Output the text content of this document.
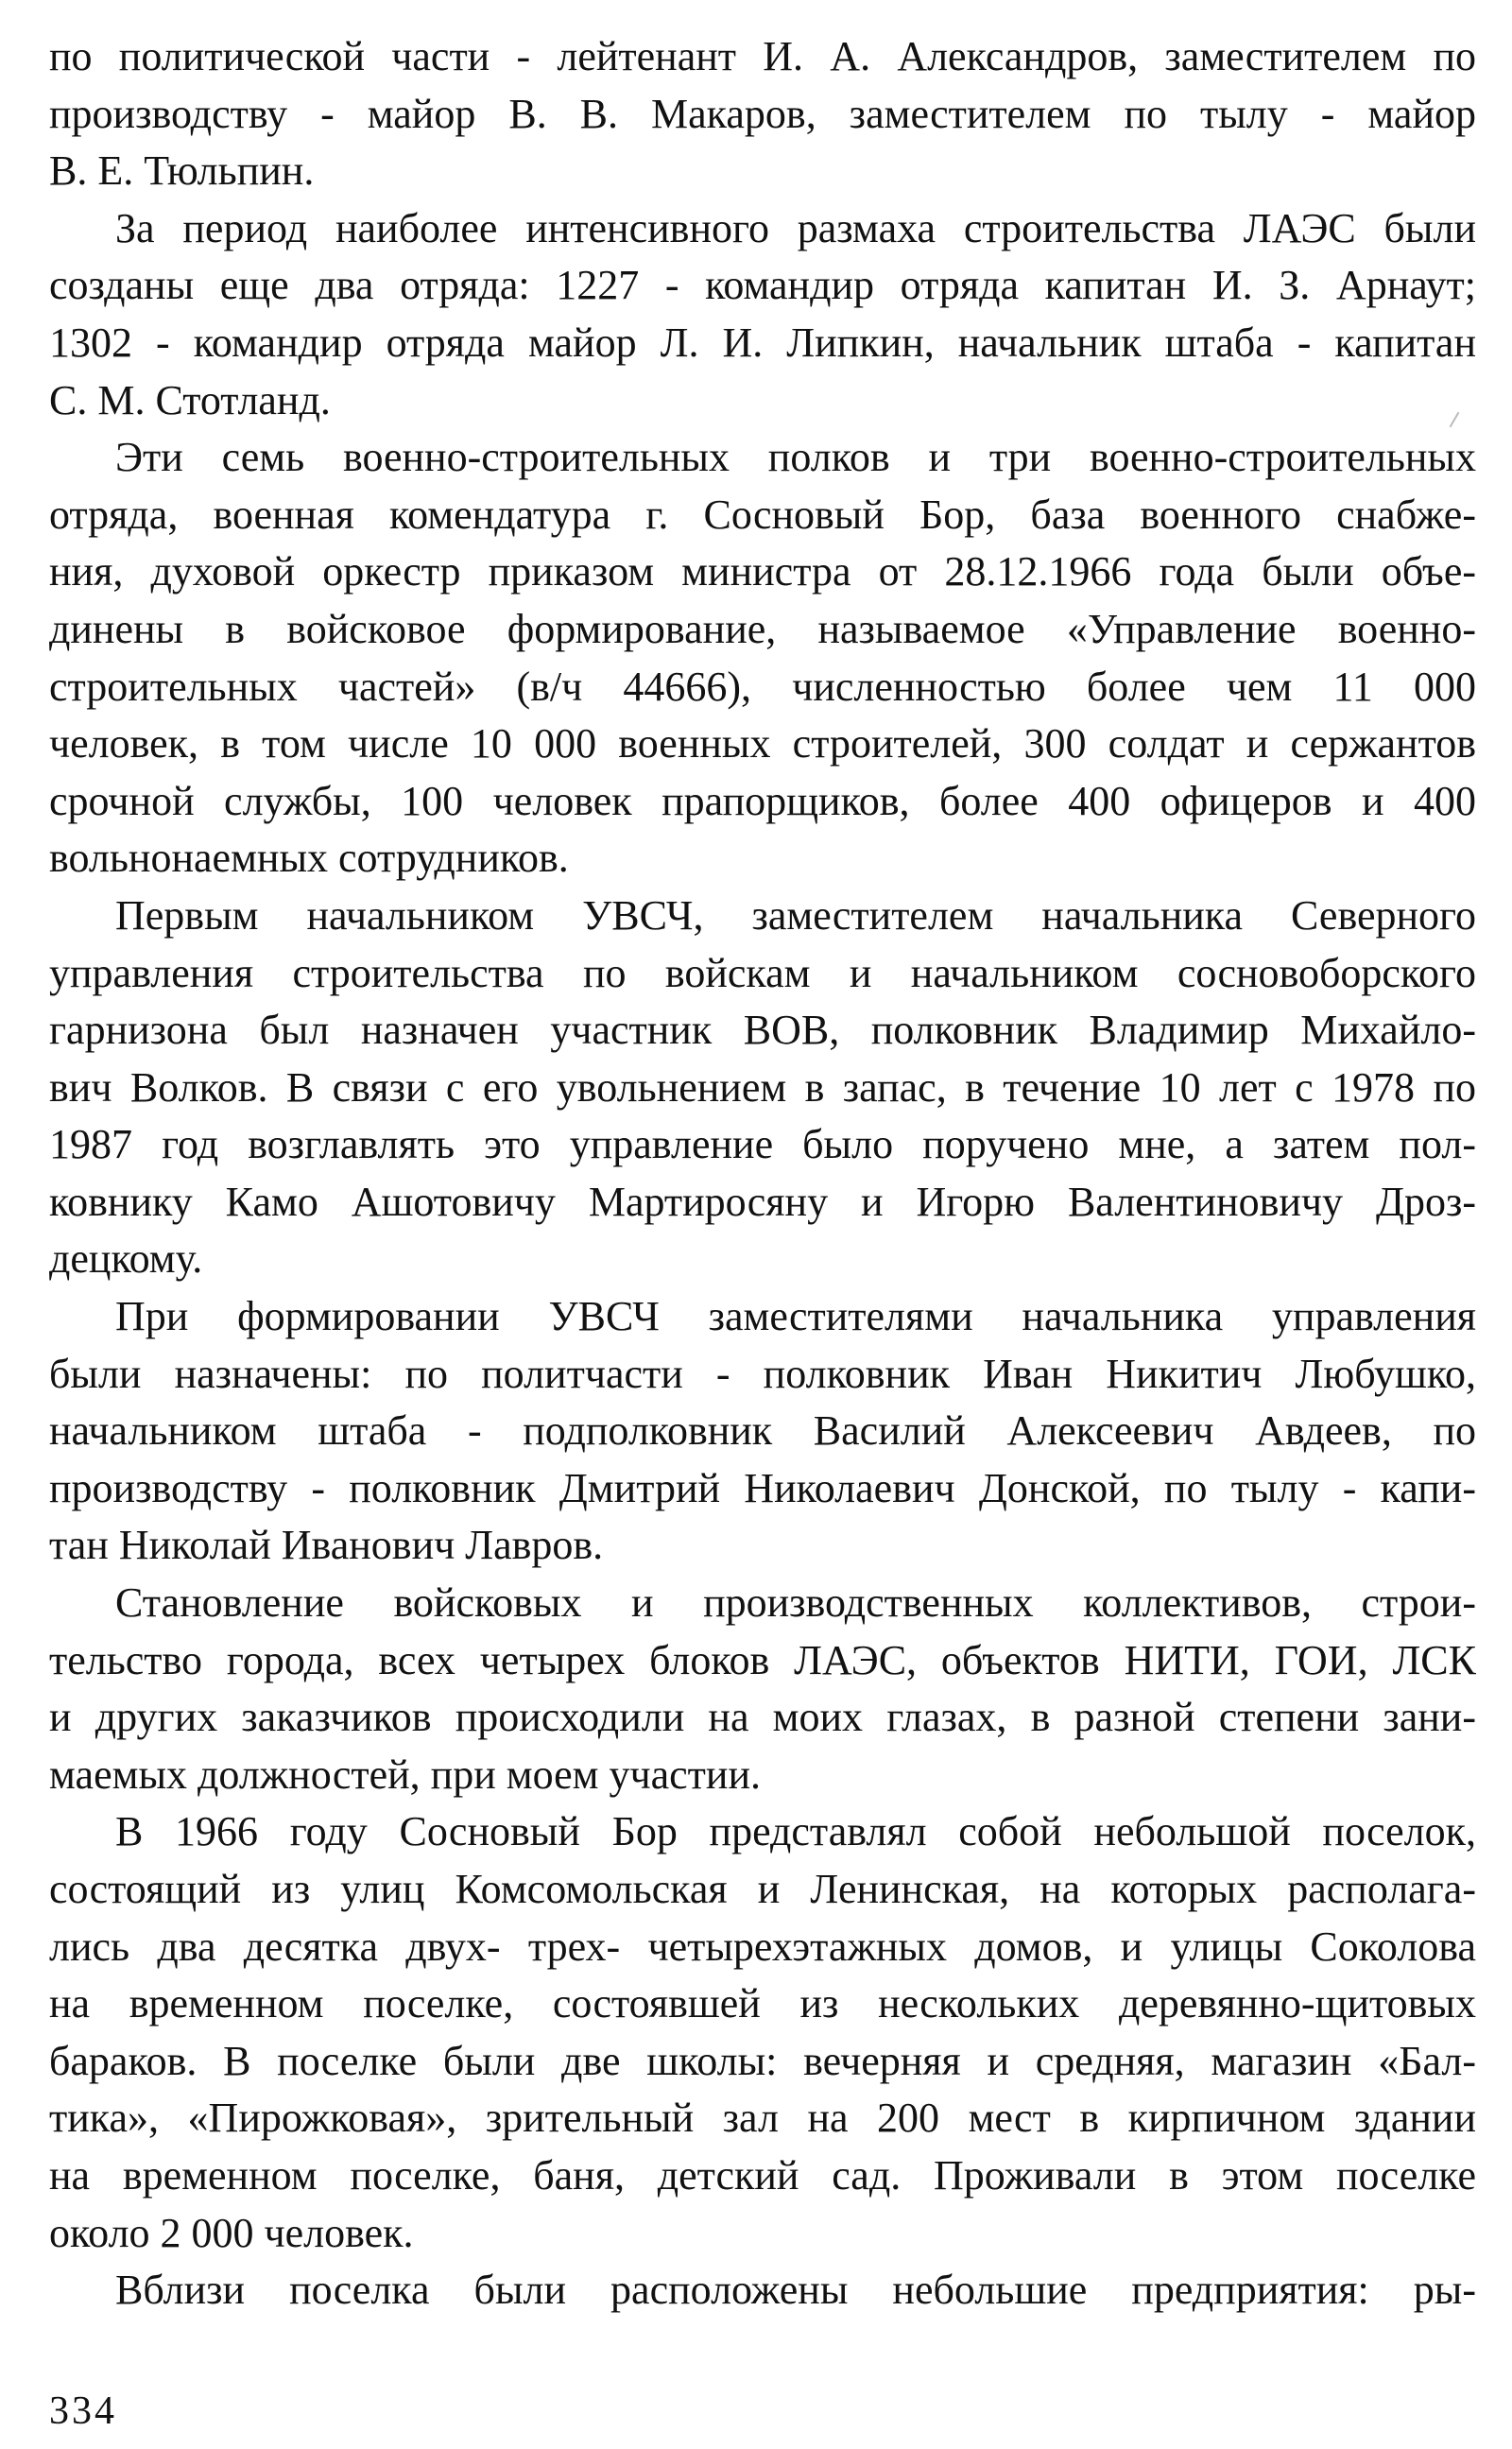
по политической части - лейтенант И. А. Александров, заместителем по
производству - майор В. В. Макаров, заместителем по тылу - майор
В. Е. Тюльпин.
За период наиболее интенсивного размаха строительства ЛАЭС были
созданы еще два отряда: 1227 - командир отряда капитан И. З. Арнаут;
1302 - командир отряда майор Л. И. Липкин, начальник штаба - капитан
С. М. Стотланд.
Эти семь военно-строительных полков и три военно-строительных
отряда, военная комендатура г. Сосновый Бор, база военного снабже-
ния, духовой оркестр приказом министра от 28.12.1966 года были объе-
динены в войсковое формирование, называемое «Управление военно-
строительных частей» (в/ч 44666), численностью более чем 11 000
человек, в том числе 10 000 военных строителей, 300 солдат и сержантов
срочной службы, 100 человек прапорщиков, более 400 офицеров и 400
вольнонаемных сотрудников.
Первым начальником УВСЧ, заместителем начальника Северного
управления строительства по войскам и начальником сосновоборского
гарнизона был назначен участник ВОВ, полковник Владимир Михайло-
вич Волков. В связи с его увольнением в запас, в течение 10 лет с 1978 по
1987 год возглавлять это управление было поручено мне, а затем пол-
ковнику Камо Ашотовичу Мартиросяну и Игорю Валентиновичу Дроз-
децкому.
При формировании УВСЧ заместителями начальника управления
были назначены: по политчасти - полковник Иван Никитич Любушко,
начальником штаба - подполковник Василий Алексеевич Авдеев, по
производству - полковник Дмитрий Николаевич Донской, по тылу - капи-
тан Николай Иванович Лавров.
Становление войсковых и производственных коллективов, строи-
тельство города, всех четырех блоков ЛАЭС, объектов НИТИ, ГОИ, ЛСК
и других заказчиков происходили на моих глазах, в разной степени зани-
маемых должностей, при моем участии.
В 1966 году Сосновый Бор представлял собой небольшой поселок,
состоящий из улиц Комсомольская и Ленинская, на которых располага-
лись два десятка двух- трех- четырехэтажных домов, и улицы Соколова
на временном поселке, состоявшей из нескольких деревянно-щитовых
бараков. В поселке были две школы: вечерняя и средняя, магазин «Бал-
тика», «Пирожковая», зрительный зал на 200 мест в кирпичном здании
на временном поселке, баня, детский сад. Проживали в этом поселке
около 2 000 человек.
Вблизи поселка были расположены небольшие предприятия: ры-
334
